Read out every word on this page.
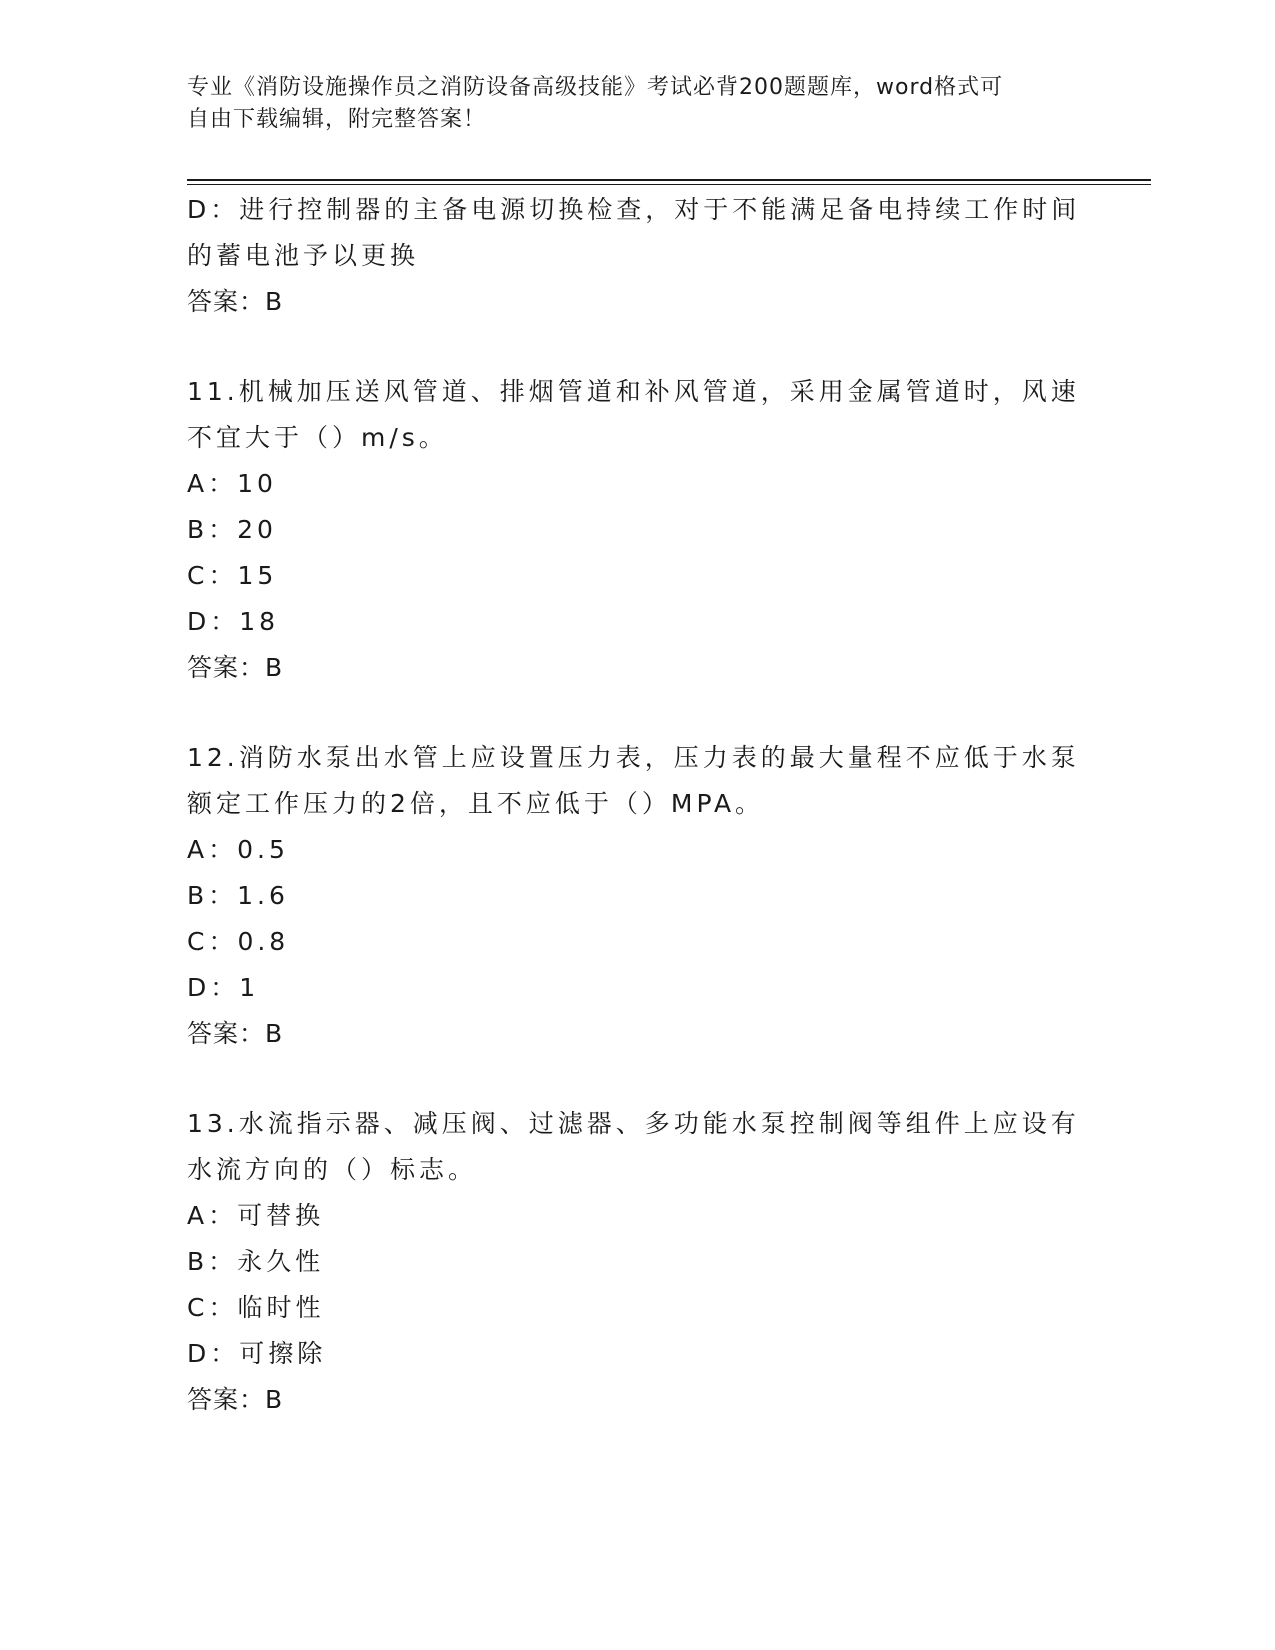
专业《消防设施操作员之消防设备高级技能》考试必背200题题库，word格式可
自由下载编辑，附完整答案！
D：进行控制器的主备电源切换检查，对于不能满足备电持续工作时间
的蓄电池予以更换
答案：B
11.机械加压送风管道、排烟管道和补风管道，采用金属管道时，风速
不宜大于（）m/s。
A：10
B：20
C：15
D：18
答案：B
12.消防水泵出水管上应设置压力表，压力表的最大量程不应低于水泵
额定工作压力的2倍，且不应低于（）MPA。
A：0.5
B：1.6
C：0.8
D：1
答案：B
13.水流指示器、减压阀、过滤器、多功能水泵控制阀等组件上应设有
水流方向的（）标志。
A：可替换
B：永久性
C：临时性
D：可擦除
答案：B
